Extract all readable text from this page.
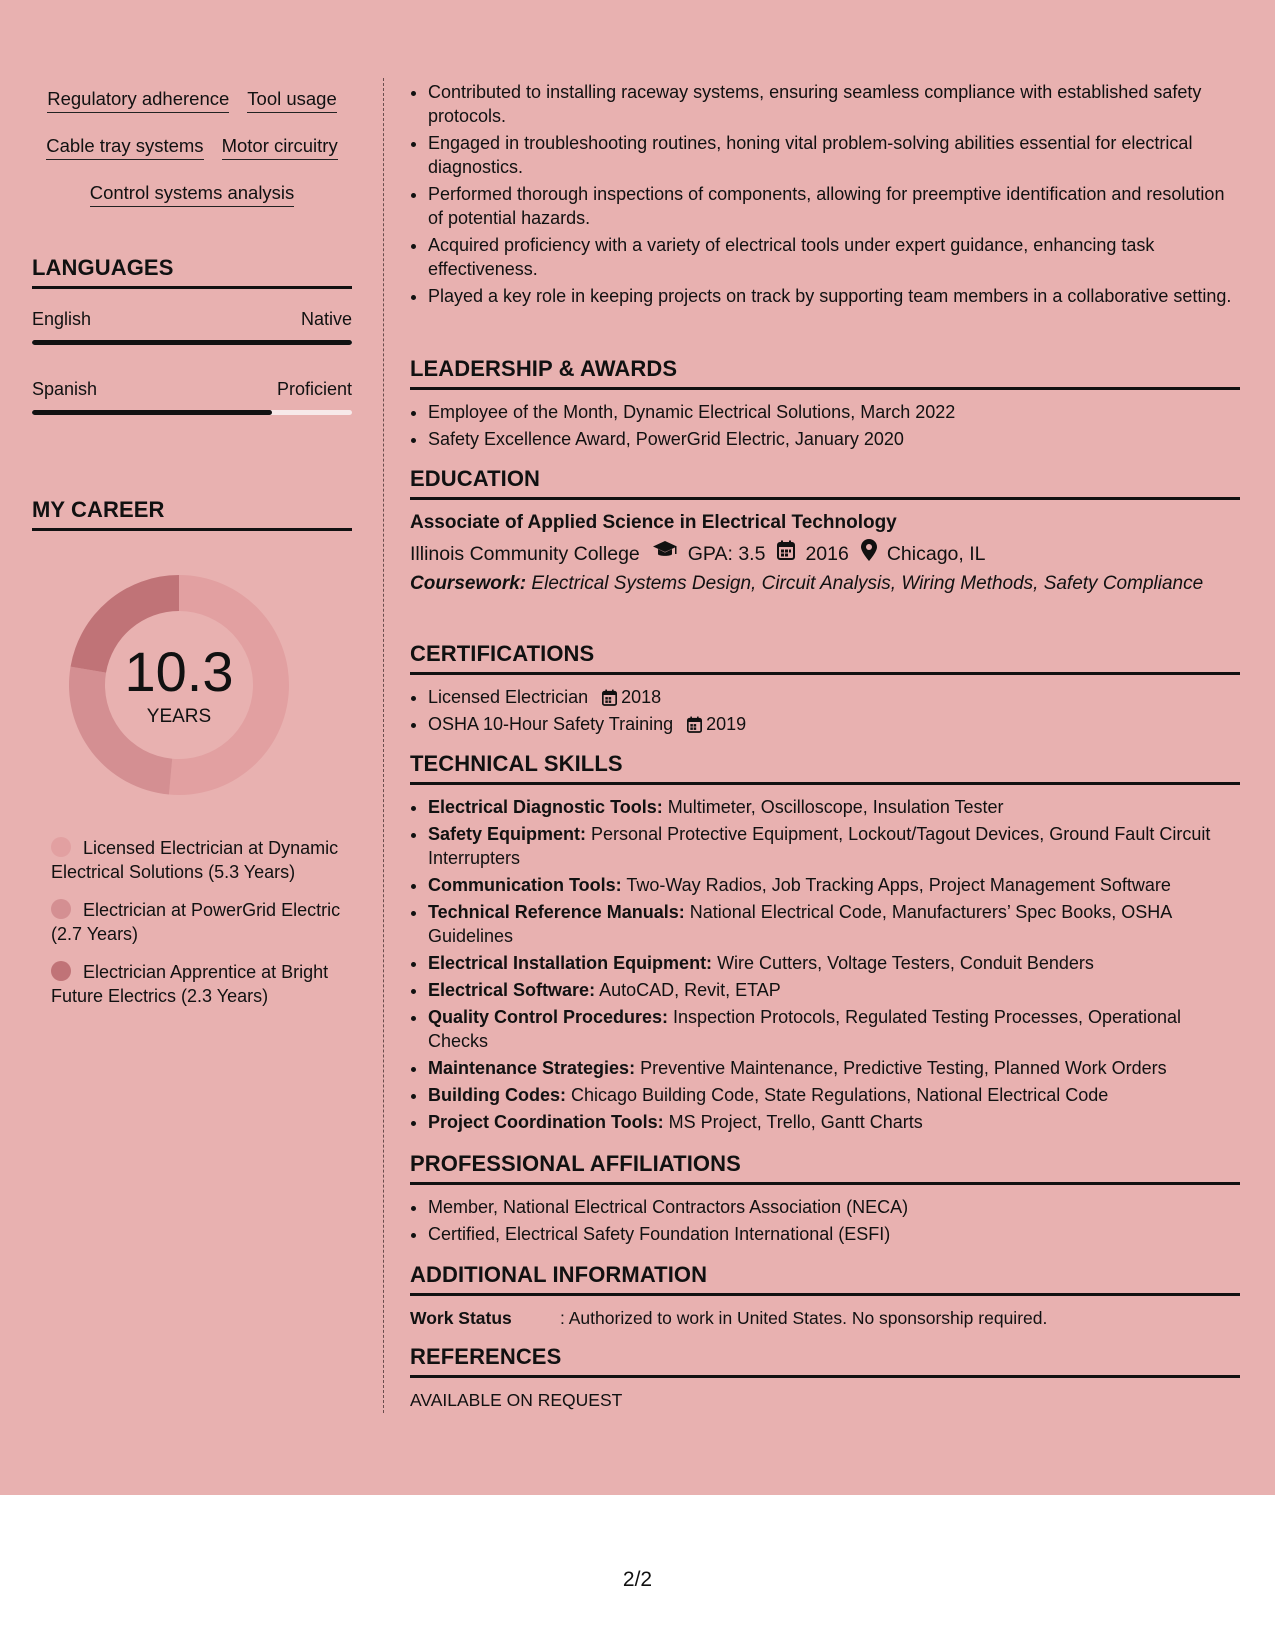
Regulatory adherence Tool usage
Cable tray systems Motor circuitry
Control systems analysis
LANGUAGES
English	Native
Spanish	Proficient
MY CAREER
10.3
YEARS
Licensed Electrician at Dynamic Electrical Solutions (5.3 Years)
Electrician at PowerGrid Electric (2.7 Years)
Electrician Apprentice at Bright Future Electrics (2.3 Years)
• Contributed to installing raceway systems, ensuring seamless compliance with established safety protocols.
• Engaged in troubleshooting routines, honing vital problem-solving abilities essential for electrical diagnostics.
• Performed thorough inspections of components, allowing for preemptive identification and resolution of potential hazards.
• Acquired proficiency with a variety of electrical tools under expert guidance, enhancing task effectiveness.
• Played a key role in keeping projects on track by supporting team members in a collaborative setting.
LEADERSHIP & AWARDS
• Employee of the Month, Dynamic Electrical Solutions, March 2022
• Safety Excellence Award, PowerGrid Electric, January 2020
EDUCATION
Associate of Applied Science in Electrical Technology
Illinois Community College GPA: 3.5 2016 Chicago, IL
Coursework: Electrical Systems Design, Circuit Analysis, Wiring Methods, Safety Compliance
CERTIFICATIONS
• Licensed Electrician 2018
• OSHA 10-Hour Safety Training 2019
TECHNICAL SKILLS
• Electrical Diagnostic Tools: Multimeter, Oscilloscope, Insulation Tester
• Safety Equipment: Personal Protective Equipment, Lockout/Tagout Devices, Ground Fault Circuit Interrupters
• Communication Tools: Two-Way Radios, Job Tracking Apps, Project Management Software
• Technical Reference Manuals: National Electrical Code, Manufacturers’ Spec Books, OSHA Guidelines
• Electrical Installation Equipment: Wire Cutters, Voltage Testers, Conduit Benders
• Electrical Software: AutoCAD, Revit, ETAP
• Quality Control Procedures: Inspection Protocols, Regulated Testing Processes, Operational Checks
• Maintenance Strategies: Preventive Maintenance, Predictive Testing, Planned Work Orders
• Building Codes: Chicago Building Code, State Regulations, National Electrical Code
• Project Coordination Tools: MS Project, Trello, Gantt Charts
PROFESSIONAL AFFILIATIONS
• Member, National Electrical Contractors Association (NECA)
• Certified, Electrical Safety Foundation International (ESFI)
ADDITIONAL INFORMATION
Work Status	: Authorized to work in United States. No sponsorship required.
REFERENCES
AVAILABLE ON REQUEST
2/2
